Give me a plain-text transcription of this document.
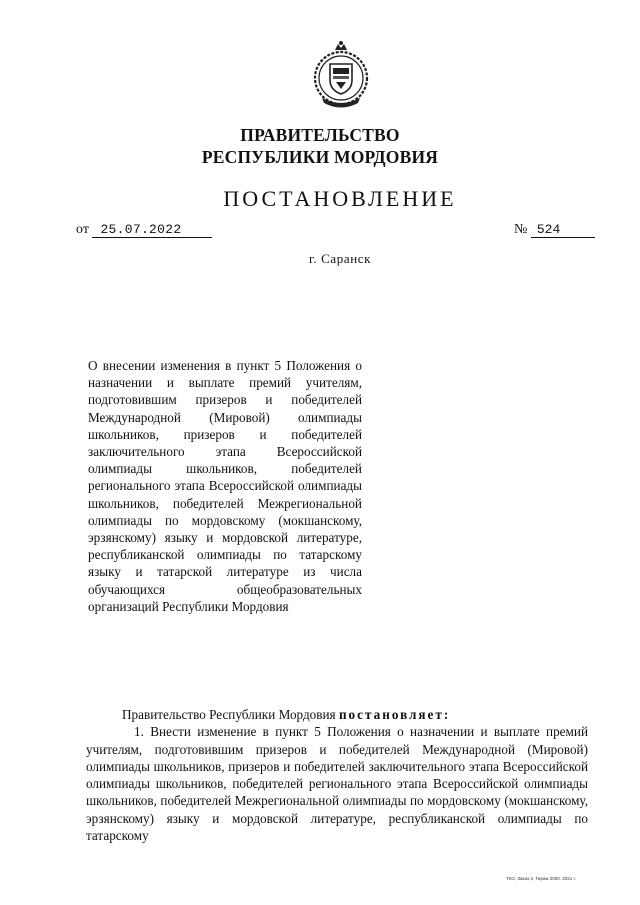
ПРАВИТЕЛЬСТВО
РЕСПУБЛИКИ МОРДОВИЯ
ПОСТАНОВЛЕНИЕ
от 25.07.2022	№ 524
г. Саранск
О внесении изменения в пункт 5 Положения о назначении и выплате премий учителям, подготовившим призеров и победителей Международной (Мировой) олимпиады школьников, призеров и победителей заключительного этапа Всероссийской олимпиады школьников, победителей регионального этапа Всероссийской олимпиады школьников, победителей Межрегиональной олимпиады по мордовскому (мокшанскому, эрзянскому) языку и мордовской литературе, республиканской олимпиады по татарскому языку и татарской литературе из числа обучающихся общеобразовательных организаций Республики Мордовия

Правительство Республики Мордовия постановляет:

1. Внести изменение в пункт 5 Положения о назначении и выплате премий учителям, подготовившим призеров и победителей Международной (Мировой) олимпиады школьников, призеров и победителей заключительного этапа Всероссийской олимпиады школьников, победителей регионального этапа Всероссийской олимпиады школьников, победителей Межрегиональной олимпиады по мордовскому (мокшанскому, эрзянскому) языку и мордовской литературе, республиканской олимпиады по татарскому

ТКО, Заказ 3, Тираж 2000. 2021 г.
